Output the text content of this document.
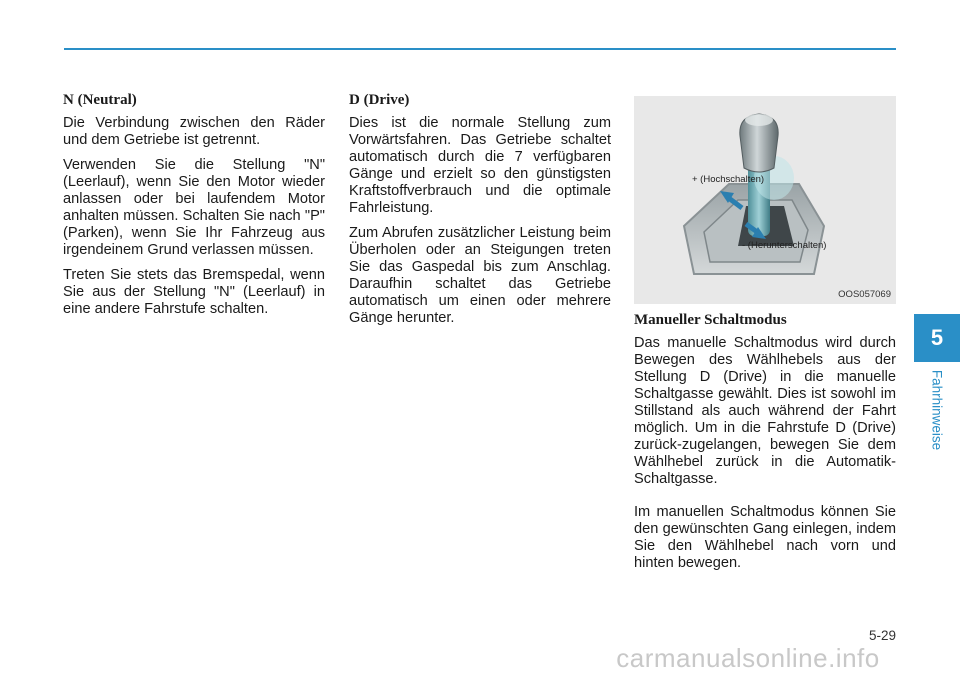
N (Neutral)

Die Verbindung zwischen den Räder und dem Getriebe ist getrennt.

Verwenden Sie die Stellung "N" (Leerlauf), wenn Sie den Motor wieder anlassen oder bei laufendem Motor anhalten müssen. Schalten Sie nach "P" (Parken), wenn Sie Ihr Fahrzeug aus irgendeinem Grund verlassen müssen.

Treten Sie stets das Bremspedal, wenn Sie aus der Stellung "N" (Leerlauf) in eine andere Fahrstufe schalten.

D (Drive)

Dies ist die normale Stellung zum Vorwärtsfahren. Das Getriebe schaltet automatisch durch die 7 verfügbaren Gänge und erzielt so den günstigsten Kraftstoffverbrauch und die optimale Fahrleistung.

Zum Abrufen zusätzlicher Leistung beim Überholen oder an Steigungen treten Sie das Gaspedal bis zum Anschlag. Daraufhin schaltet das Getriebe automatisch um einen oder mehrere Gänge herunter.

+ (Hochschalten)
- (Herunterschalten)
OOS057069
Manueller Schaltmodus

Das manuelle Schaltmodus wird durch Bewegen des Wählhebels aus der Stellung D (Drive) in die manuelle Schaltgasse gewählt. Dies ist sowohl im Stillstand als auch während der Fahrt möglich. Um in die Fahrstufe D (Drive) zurück-zugelangen, bewegen Sie dem Wählhebel zurück in die Automatik-Schaltgasse.

Im manuellen Schaltmodus können Sie den gewünschten Gang einlegen, indem Sie den Wählhebel nach vorn und hinten bewegen.

5
Fahrhinweise
5-29
carmanualsonline.info
